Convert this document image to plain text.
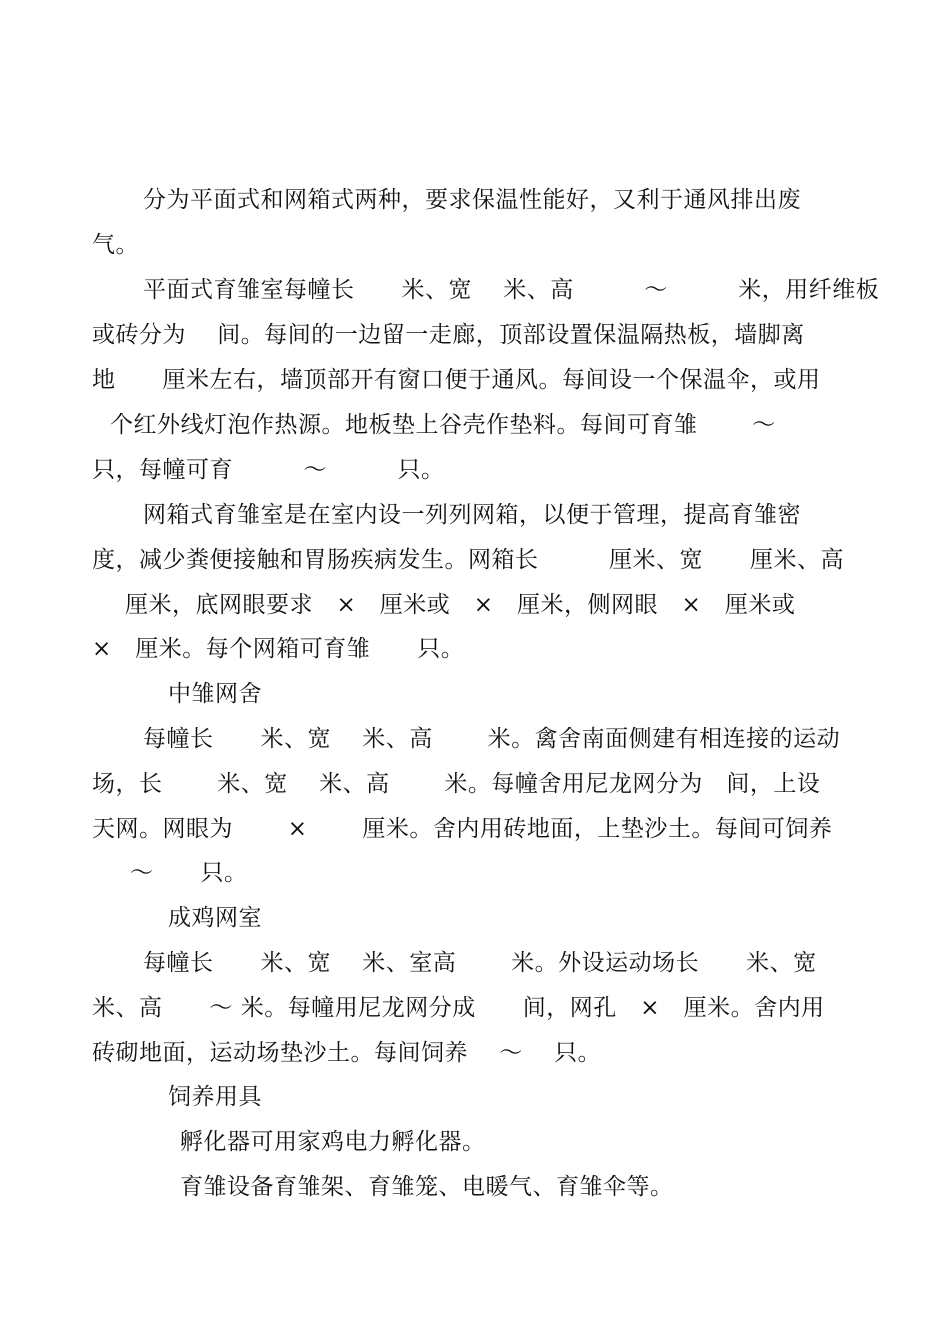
分为平面式和网箱式两种，要求保温性能好，又利于通风排出废
气。
平面式育雏室每幢长　　米、宽　 米、高　　　～　　　米，用纤维板
或砖分为　 间。每间的一边留一走廊，顶部设置保温隔热板，墙脚离
地　　厘米左右，墙顶部开有窗口便于通风。每间设一个保温伞，或用
个红外线灯泡作热源。地板垫上谷壳作垫料。每间可育雏　　 ～
只，每幢可育　　　～　　　只。
网箱式育雏室是在室内设一列列网箱，以便于管理，提高育雏密
度，减少粪便接触和胃肠疾病发生。网箱长　　　厘米、宽　　厘米、高
厘米，底网眼要求　×　厘米或　×　厘米，侧网眼　×　厘米或
×　厘米。每个网箱可育雏　　只。
中雏网舍
每幢长　　米、宽　 米、高　　 米。禽舍南面侧建有相连接的运动
场，长　　 米、宽　 米、高　　 米。每幢舍用尼龙网分为　间，上设
天网。网眼为　　 ×　　 厘米。舍内用砖地面，上垫沙土。每间可饲养
～　　只。
成鸡网室
每幢长　　米、宽　 米、室高　　 米。外设运动场长　　米、宽
米、高　　～ 米。每幢用尼龙网分成　　间，网孔　×　厘米。舍内用
砖砌地面，运动场垫沙土。每间饲养　 ～　 只。
饲养用具
孵化器可用家鸡电力孵化器。
育雏设备育雏架、育雏笼、电暖气、育雏伞等。
